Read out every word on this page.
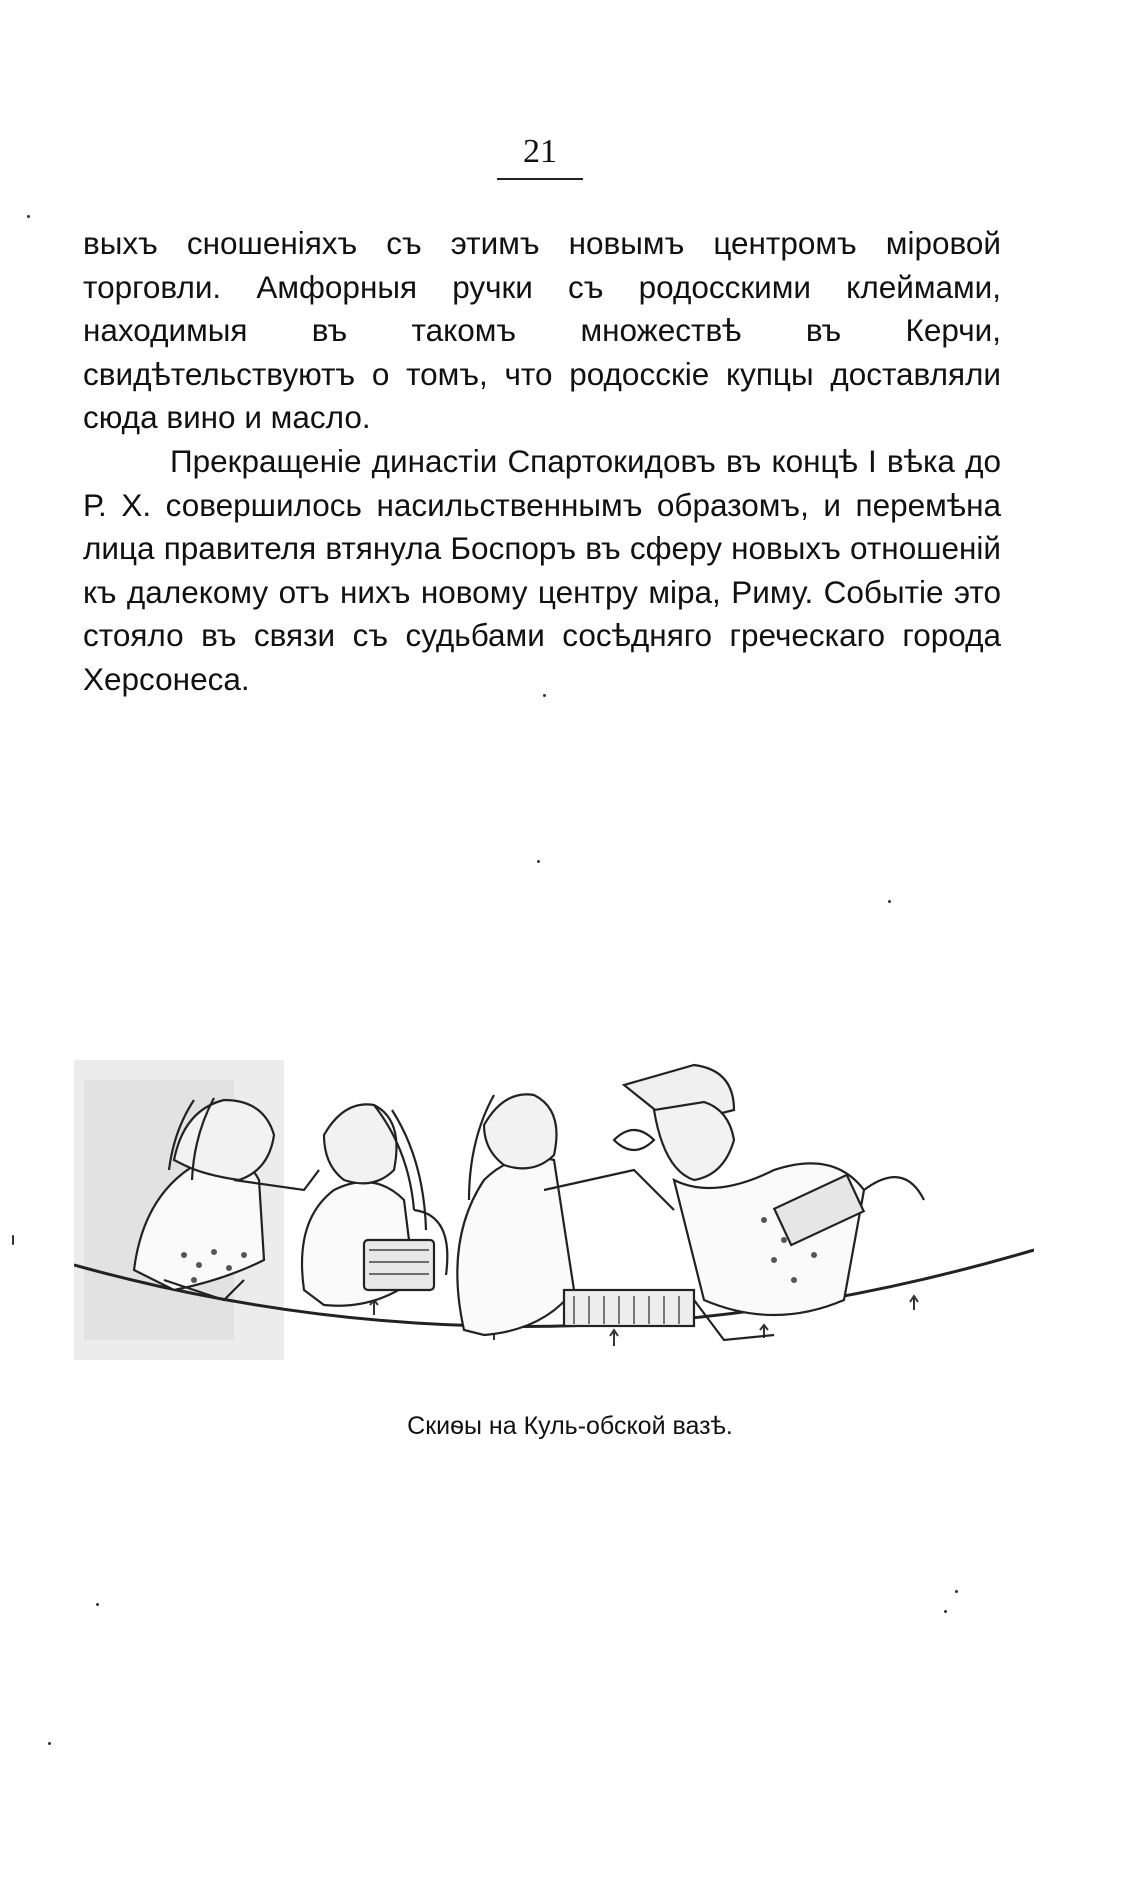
21

выхъ сношеніяхъ съ этимъ новымъ центромъ міровой торговли. Амфорныя ручки съ родосскими клеймами, находимыя въ такомъ множествѣ въ Керчи, свидѣтельствуютъ о томъ, что родосскіе купцы доставляли сюда вино и масло.

Прекращеніе династіи Спартокидовъ въ концѣ I вѣка до Р. Х. совершилось насильственнымъ образомъ, и перемѣна лица правителя втянула Боспоръ въ сферу новыхъ отношеній къ далекому отъ нихъ новому центру міра, Риму. Событіе это стояло въ связи съ судьбами сосѣдняго греческаго города Херсонеса.

Скиѳы на Куль-обской вазѣ.
